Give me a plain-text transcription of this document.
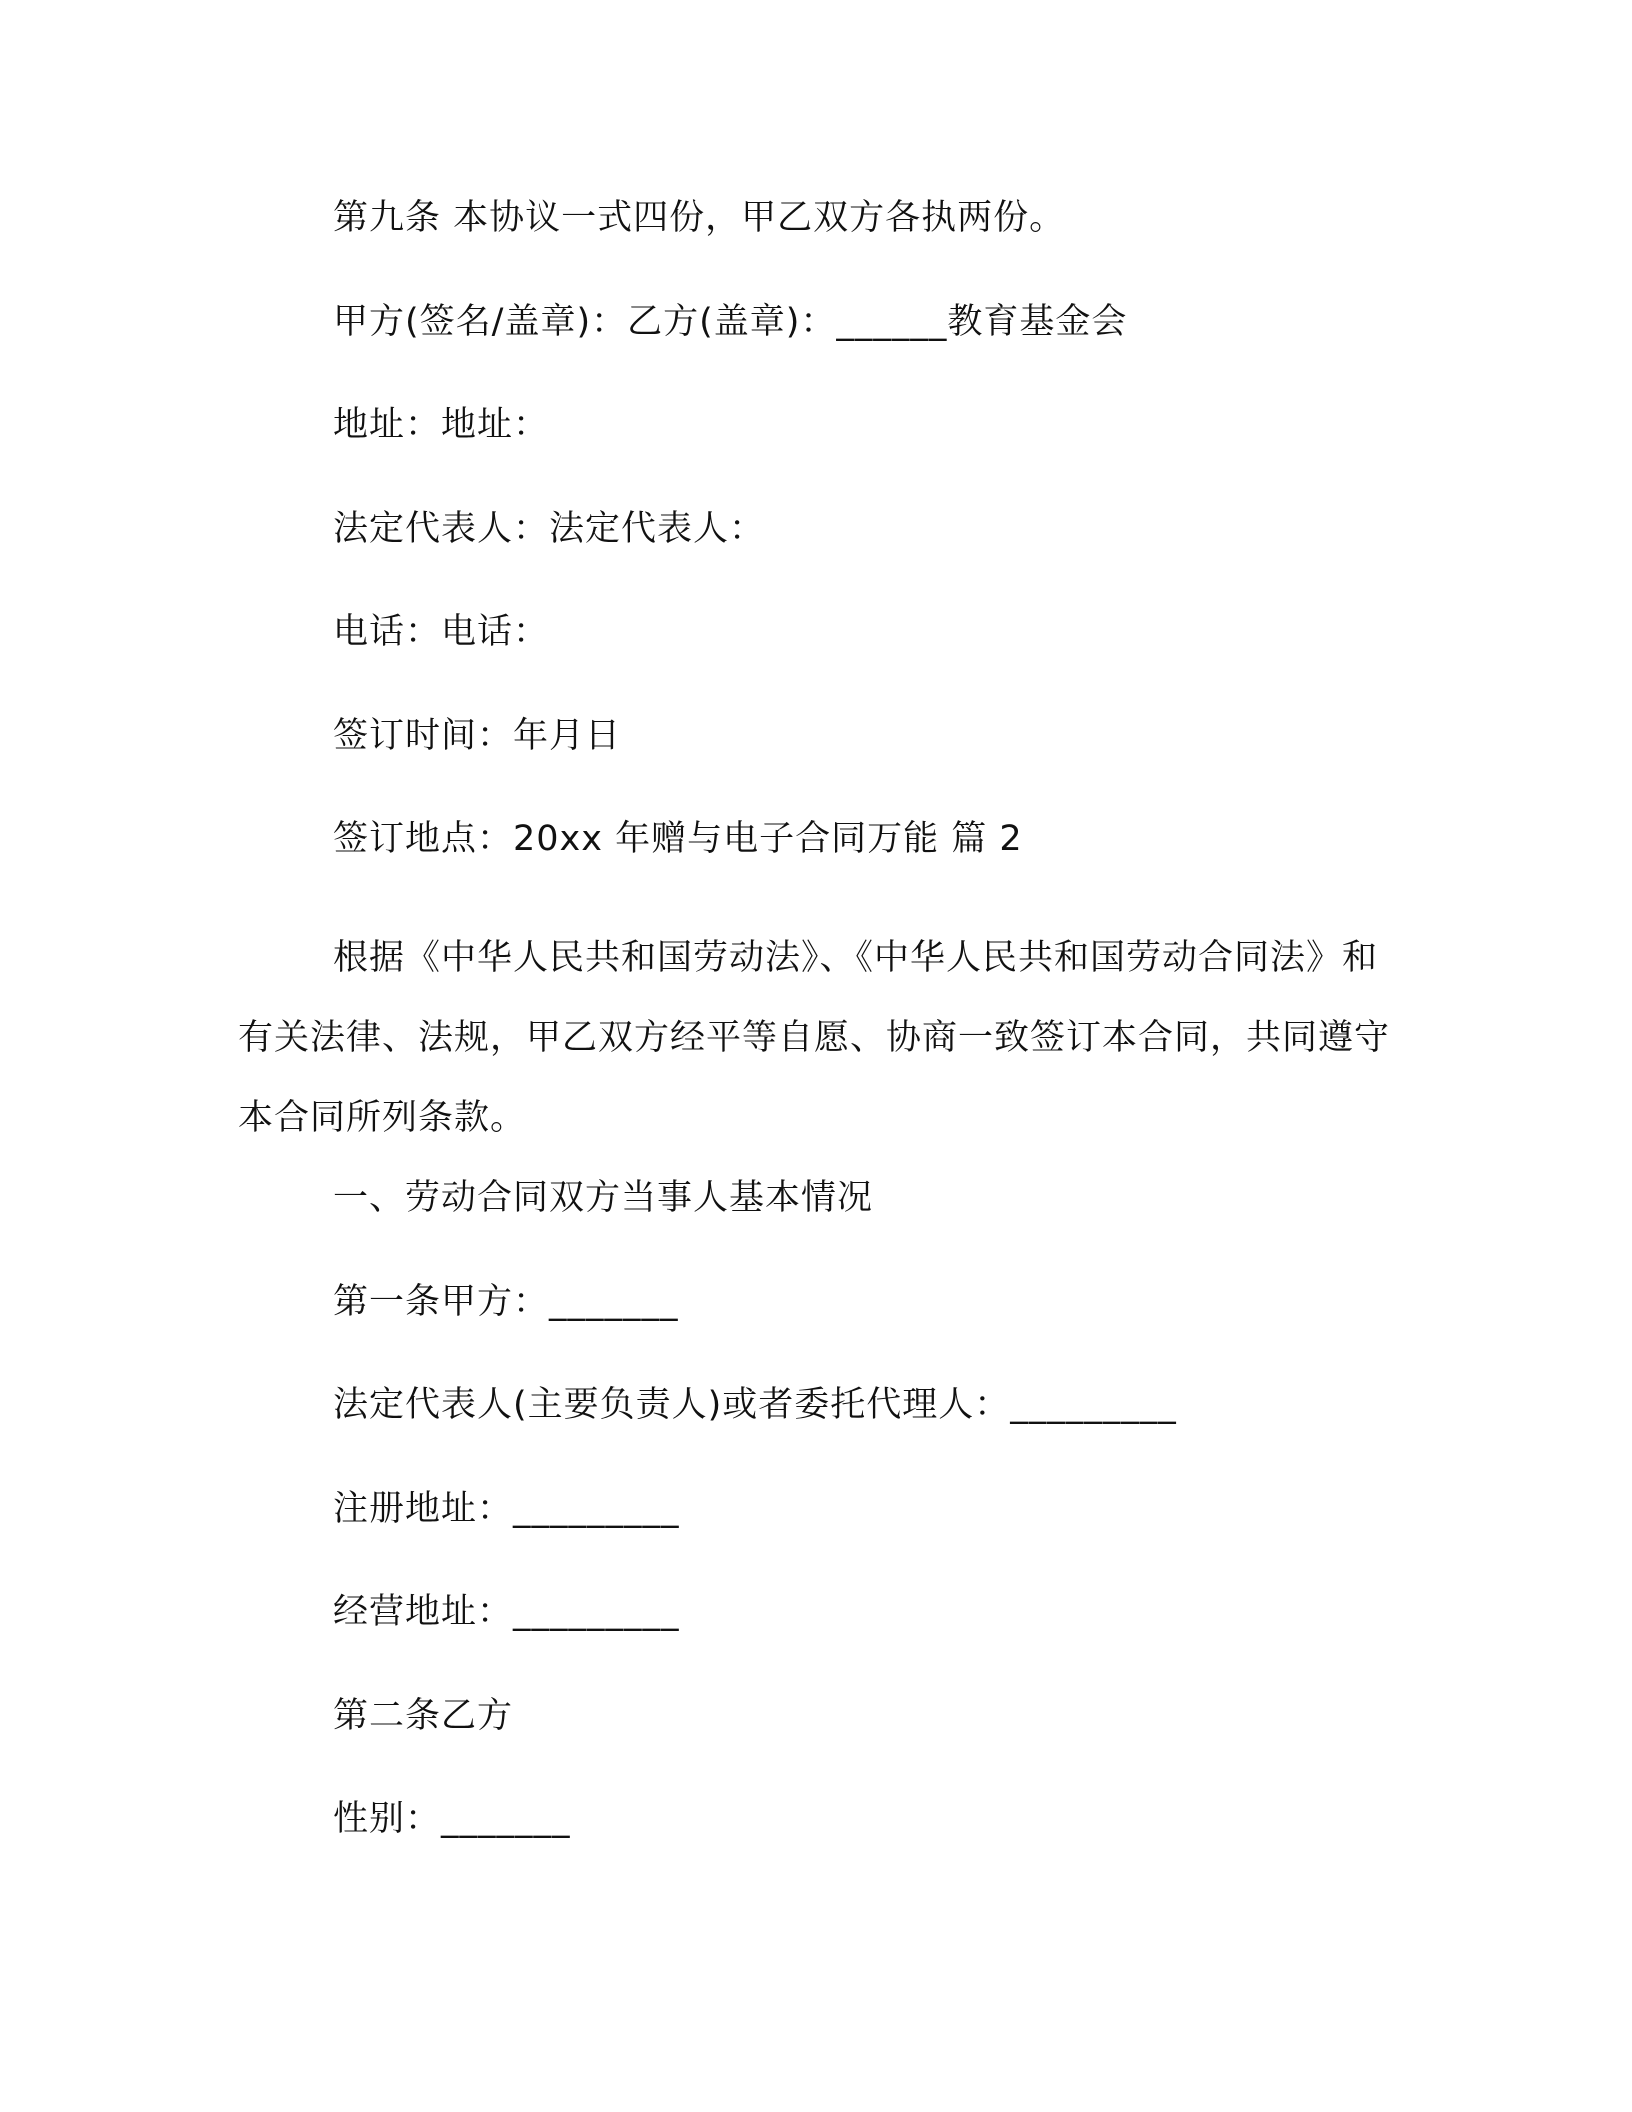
第九条 本协议一式四份，甲乙双方各执两份。
甲方(签名/盖章)：乙方(盖章)：______教育基金会
地址：地址：
法定代表人：法定代表人：
电话：电话：
签订时间：年月日
签订地点：20xx 年赠与电子合同万能 篇 2
根据《中华人民共和国劳动法》、《中华人民共和国劳动合同法》和有关法律、法规，甲乙双方经平等自愿、协商一致签订本合同，共同遵守本合同所列条款。
一、劳动合同双方当事人基本情况
第一条甲方：_______
法定代表人(主要负责人)或者委托代理人：_________
注册地址：_________
经营地址：_________
第二条乙方
性别：_______
